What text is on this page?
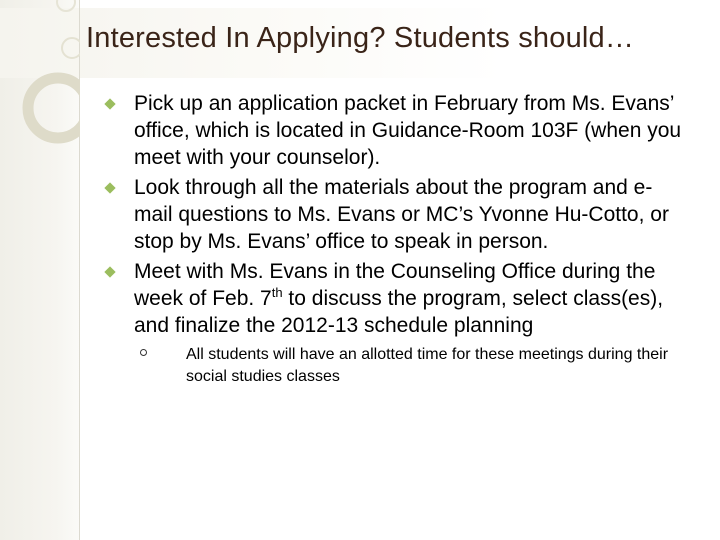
Interested In Applying? Students should…
Pick up an application packet in February from Ms. Evans’ office, which is located in Guidance-Room 103F (when you meet with your counselor).
Look through all the materials about the program and e-mail questions to Ms. Evans or MC’s Yvonne Hu-Cotto, or stop by Ms. Evans’ office to speak in person.
Meet with Ms. Evans in the Counseling Office during the week of Feb. 7th to discuss the program, select class(es), and finalize the 2012-13 schedule planning
All students will have an allotted time for these meetings during their social studies classes
